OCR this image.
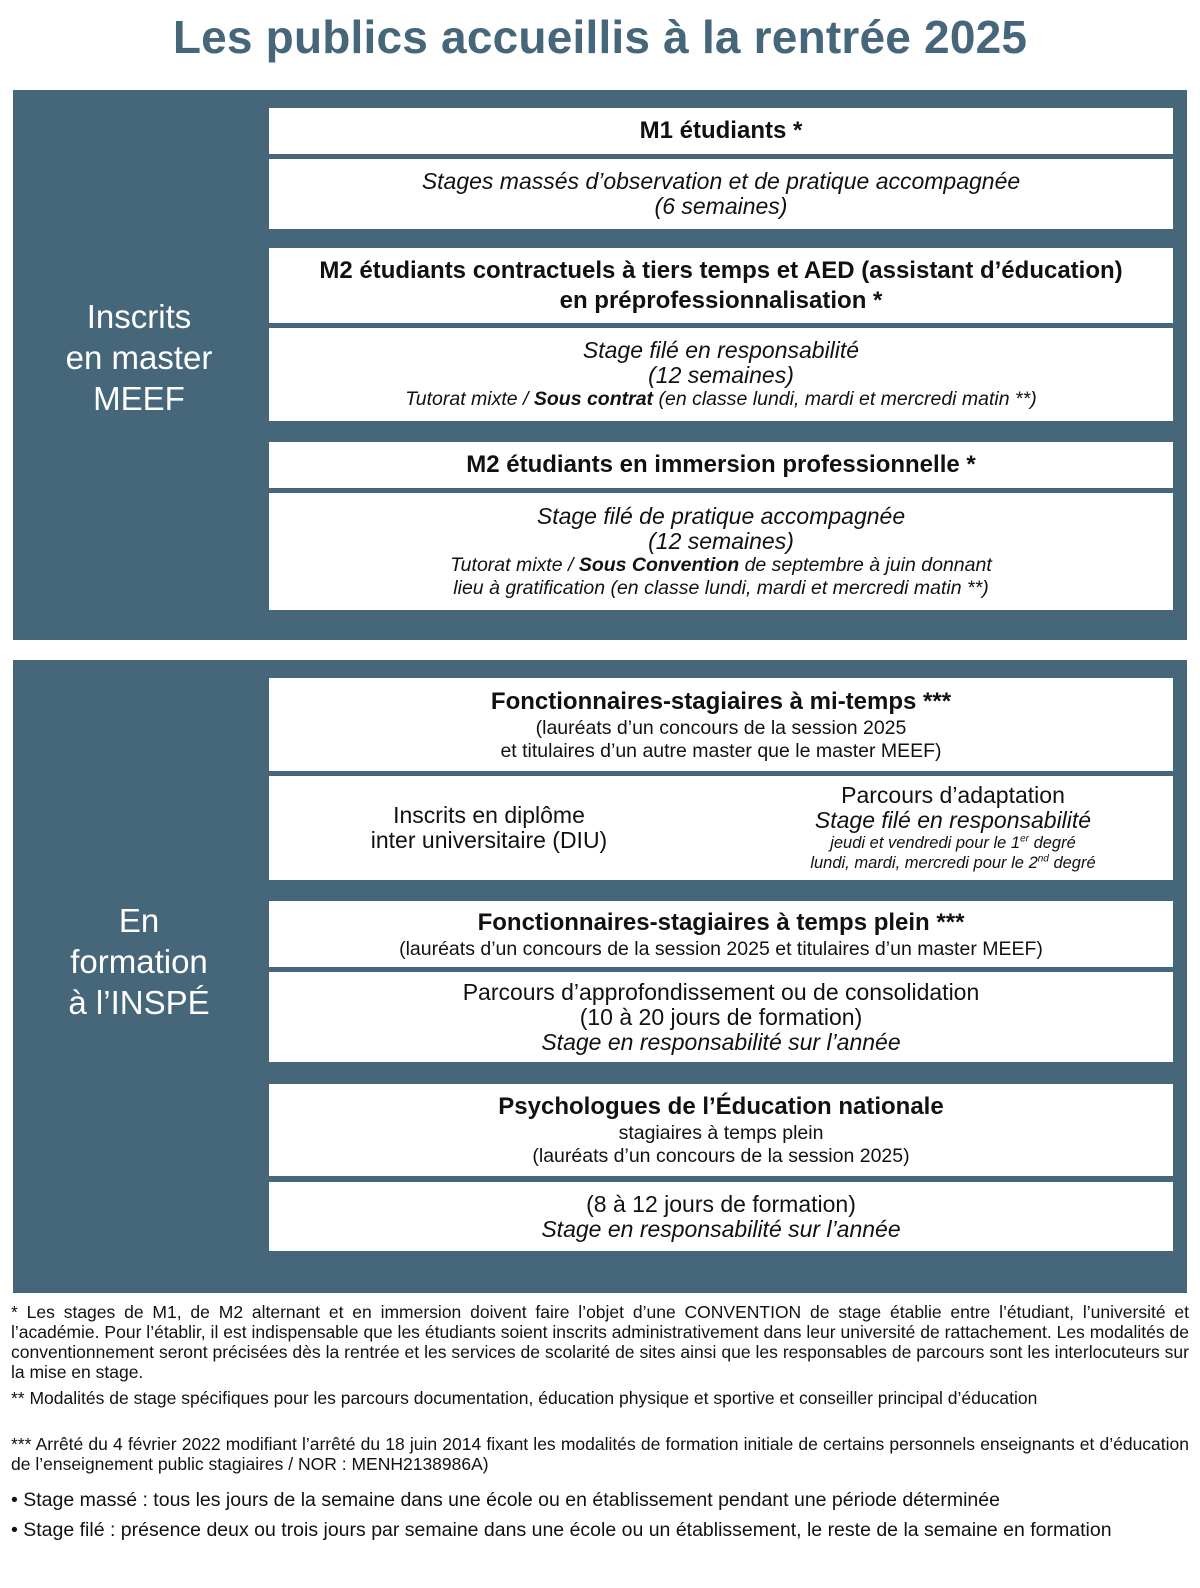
Les publics accueillis à la rentrée 2025
Inscrits
en master
MEEF
M1 étudiants *
Stages massés d’observation et de pratique accompagnée
(6 semaines)
M2 étudiants contractuels à tiers temps et AED (assistant d’éducation)
en préprofessionnalisation *
Stage filé en responsabilité
(12 semaines)
Tutorat mixte / Sous contrat (en classe lundi, mardi et mercredi matin **)
M2 étudiants en immersion professionnelle *
Stage filé de pratique accompagnée
(12 semaines)
Tutorat mixte / Sous Convention de septembre à juin donnant
lieu à gratification (en classe lundi, mardi et mercredi matin **)
En
formation
à l’INSPÉ
Fonctionnaires-stagiaires à mi-temps ***
(lauréats d’un concours de la session 2025
et titulaires d’un autre master que le master MEEF)
Inscrits en diplôme
inter universitaire (DIU)
Parcours d’adaptation
Stage filé en responsabilité
jeudi et vendredi pour le 1er degré
lundi, mardi, mercredi pour le 2nd degré
Fonctionnaires-stagiaires à temps plein ***
(lauréats d’un concours de la session 2025 et titulaires d’un master MEEF)
Parcours d’approfondissement ou de consolidation
(10 à 20 jours de formation)
Stage en responsabilité sur l’année
Psychologues de l’Éducation nationale
stagiaires à temps plein
(lauréats d’un concours de la session 2025)
(8 à 12 jours de formation)
Stage en responsabilité sur l’année
* Les stages de M1, de M2 alternant et en immersion doivent faire l’objet d’une CONVENTION de stage établie entre l’étudiant, l’université et l’académie. Pour l’établir, il est indispensable que les étudiants soient inscrits administrativement dans leur université de rattachement. Les modalités de conventionnement seront précisées dès la rentrée et les services de scolarité de sites ainsi que les responsables de parcours sont les interlocuteurs sur la mise en stage.
** Modalités de stage spécifiques pour les parcours documentation, éducation physique et sportive et conseiller principal d’éducation
*** Arrêté du 4 février 2022 modifiant l’arrêté du 18 juin 2014 fixant les modalités de formation initiale de certains personnels enseignants et d’éducation de l’enseignement public stagiaires / NOR : MENH2138986A)
• Stage massé : tous les jours de la semaine dans une école ou en établissement pendant une période déterminée
• Stage filé : présence deux ou trois jours par semaine dans une école ou un établissement, le reste de la semaine en formation
